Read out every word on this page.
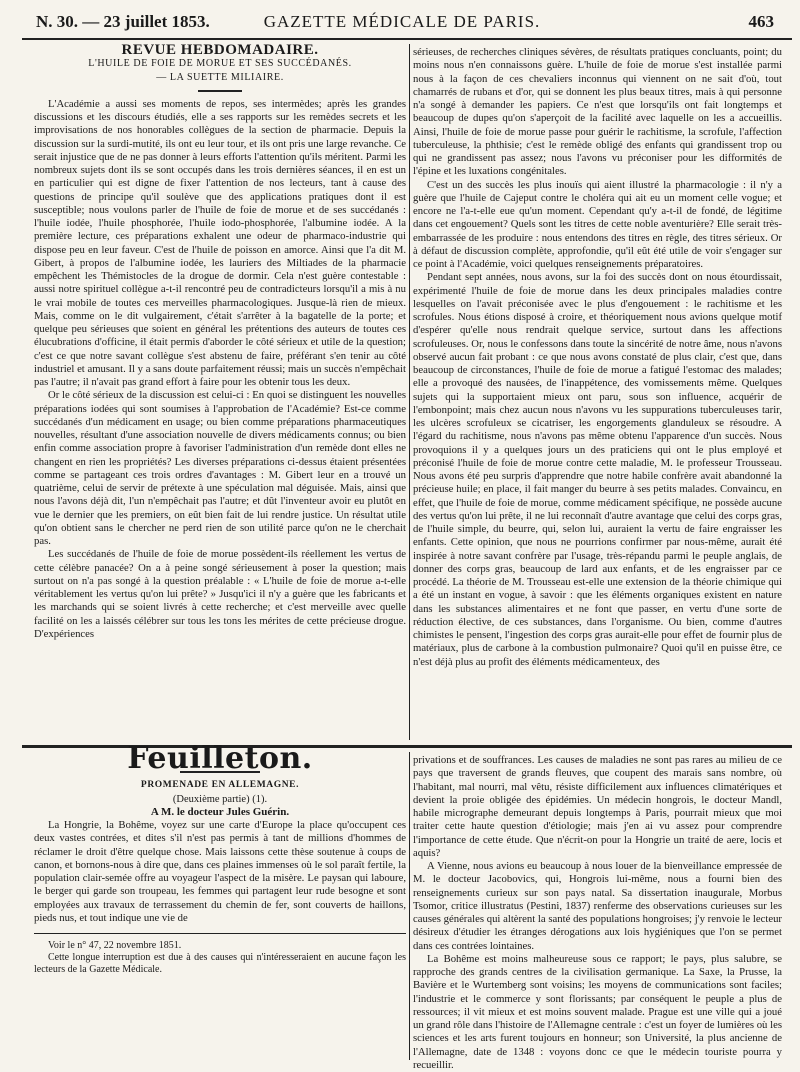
N. 30. — 23 juillet 1853.	GAZETTE MÉDICALE DE PARIS.	463

REVUE HEBDOMADAIRE.

L'HUILE DE FOIE DE MORUE ET SES SUCCÉDANÉS.

— LA SUETTE MILIAIRE.

L'Académie a aussi ses moments de repos, ses intermèdes; après les grandes discussions et les discours étudiés, elle a ses rapports sur les remèdes secrets et les improvisations de nos honorables collègues de la section de pharmacie. Depuis la discussion sur la surdi-mutité, ils ont eu leur tour, et ils ont pris une large revanche. Ce serait injustice que de ne pas donner à leurs efforts l'attention qu'ils méritent. Parmi les nombreux sujets dont ils se sont occupés dans les trois dernières séances, il en est un en particulier qui est digne de fixer l'attention de nos lecteurs, tant à cause des questions de principe qu'il soulève que des applications pratiques dont il est susceptible; nous voulons parler de l'huile de foie de morue et de ses succédanés : l'huile iodée, l'huile phosphorée, l'huile iodo-phosphorée, l'albumine iodée. A la première lecture, ces préparations exhalent une odeur de pharmaco-industrie qui dispose peu en leur faveur. C'est de l'huile de poisson en amorce. Ainsi que l'a dit M. Gibert, à propos de l'albumine iodée, les lauriers des Miltiades de la pharmacie empêchent les Thémistocles de la drogue de dormir. Cela n'est guère contestable : aussi notre spirituel collègue a-t-il rencontré peu de contradicteurs lorsqu'il a mis à nu le vrai mobile de toutes ces merveilles pharmacologiques. Jusque-là rien de mieux. Mais, comme on le dit vulgairement, c'était s'arrêter à la bagatelle de la porte; et quelque peu sérieuses que soient en général les prétentions des auteurs de toutes ces élucubrations d'officine, il était permis d'aborder le côté sérieux et utile de la question; c'est ce que notre savant collègue s'est abstenu de faire, préférant s'en tenir au côté industriel et amusant. Il y a sans doute parfaitement réussi; mais un succès n'empêchait pas l'autre; il n'avait pas grand effort à faire pour les obtenir tous les deux.

Or le côté sérieux de la discussion est celui-ci : En quoi se distinguent les nouvelles préparations iodées qui sont soumises à l'approbation de l'Académie? Est-ce comme succédanés d'un médicament en usage; ou bien comme préparations pharmaceutiques nouvelles, résultant d'une association nouvelle de divers médicaments connus; ou bien enfin comme association propre à favoriser l'administration d'un remède dont elles ne changent en rien les propriétés? Les diverses préparations ci-dessus étaient présentées comme se partageant ces trois ordres d'avantages : M. Gibert leur en a trouvé un quatrième, celui de servir de prétexte à une spéculation mal déguisée. Mais, ainsi que nous l'avons déjà dit, l'un n'empêchait pas l'autre; et dût l'inventeur avoir eu plutôt en vue le dernier que les premiers, on eût bien fait de lui rendre justice. Un résultat utile qu'on obtient sans le chercher ne perd rien de son utilité parce qu'on ne le cherchait pas.

Les succédanés de l'huile de foie de morue possèdent-ils réellement les vertus de cette célèbre panacée? On a à peine songé sérieusement à poser la question; mais surtout on n'a pas songé à la question préalable : « L'huile de foie de morue a-t-elle véritablement les vertus qu'on lui prête? » Jusqu'ici il n'y a guère que les fabricants et les marchands qui se soient livrés à cette recherche; et c'est merveille avec quelle facilité on les a laissés célébrer sur tous les tons les mérites de cette précieuse drogue. D'expériences

sérieuses, de recherches cliniques sévères, de résultats pratiques concluants, point; du moins nous n'en connaissons guère. L'huile de foie de morue s'est installée parmi nous à la façon de ces chevaliers inconnus qui viennent on ne sait d'où, tout chamarrés de rubans et d'or, qui se donnent les plus beaux titres, mais à qui personne n'a songé à demander les papiers. Ce n'est que lorsqu'ils ont fait longtemps et beaucoup de dupes qu'on s'aperçoit de la facilité avec laquelle on les a accueillis. Ainsi, l'huile de foie de morue passe pour guérir le rachitisme, la scrofule, l'affection tuberculeuse, la phthisie; c'est le remède obligé des enfants qui grandissent trop ou qui ne grandissent pas assez; nous l'avons vu préconiser pour les difformités de l'épine et les luxations congénitales.

C'est un des succès les plus inouïs qui aient illustré la pharmacologie : il n'y a guère que l'huile de Cajeput contre le choléra qui ait eu un moment celle vogue; et encore ne l'a-t-elle eue qu'un moment. Cependant qu'y a-t-il de fondé, de légitime dans cet engouement? Quels sont les titres de cette noble aventurière? Elle serait très-embarrassée de les produire : nous entendons des titres en règle, des titres sérieux. Or à défaut de discussion complète, approfondie, qu'il eût été utile de voir s'engager sur ce point à l'Académie, voici quelques renseignements préparatoires.

Pendant sept années, nous avons, sur la foi des succès dont on nous étourdissait, expérimenté l'huile de foie de morue dans les deux principales maladies contre lesquelles on l'avait préconisée avec le plus d'engouement : le rachitisme et les scrofules. Nous étions disposé à croire, et théoriquement nous avions quelque motif d'espérer qu'elle nous rendrait quelque service, surtout dans les affections scrofuleuses. Or, nous le confessons dans toute la sincérité de notre âme, nous n'avons observé aucun fait probant : ce que nous avons constaté de plus clair, c'est que, dans beaucoup de circonstances, l'huile de foie de morue a fatigué l'estomac des malades; elle a provoqué des nausées, de l'inappétence, des vomissements même. Quelques sujets qui la supportaient mieux ont paru, sous son influence, acquérir de l'embonpoint; mais chez aucun nous n'avons vu les suppurations tuberculeuses tarir, les ulcères scrofuleux se cicatriser, les engorgements glanduleux se résoudre. A l'égard du rachitisme, nous n'avons pas même obtenu l'apparence d'un succès. Nous provoquions il y a quelques jours un des praticiens qui ont le plus employé et préconisé l'huile de foie de morue contre cette maladie, M. le professeur Trousseau. Nous avons été peu surpris d'apprendre que notre habile confrère avait abandonné la précieuse huile; en place, il fait manger du beurre à ses petits malades. Convaincu, en effet, que l'huile de foie de morue, comme médicament spécifique, ne possède aucune des vertus qu'on lui prête, il ne lui reconnaît d'autre avantage que celui des corps gras, de l'huile simple, du beurre, qui, selon lui, auraient la vertu de faire engraisser les enfants. Cette opinion, que nous ne pourrions confirmer par nous-même, aurait été inspirée à notre savant confrère par l'usage, très-répandu parmi le peuple anglais, de donner des corps gras, beaucoup de lard aux enfants, et de les engraisser par ce procédé. La théorie de M. Trousseau est-elle une extension de la théorie chimique qui a été un instant en vogue, à savoir : que les éléments organiques existent en nature dans les substances alimentaires et ne font que passer, en vertu d'une sorte de réduction élective, de ces substances, dans l'organisme. Ou bien, comme d'autres chimistes le pensent, l'ingestion des corps gras aurait-elle pour effet de fournir plus de matériaux, plus de carbone à la combustion pulmonaire? Quoi qu'il en puisse être, ce n'est déjà plus au profit des éléments médicamenteux, des

Feuilleton.

PROMENADE EN ALLEMAGNE.

(Deuxième partie) (1).

A M. le docteur Jules Guérin.

La Hongrie, la Bohême, voyez sur une carte d'Europe la place qu'occupent ces deux vastes contrées, et dites s'il n'est pas permis à tant de millions d'hommes de réclamer le droit d'être quelque chose. Mais laissons cette thèse soutenue à coups de canon, et bornons-nous à dire que, dans ces plaines immenses où le sol paraît fertile, la population clair-semée offre au voyageur l'aspect de la misère. Le paysan qui laboure, le berger qui garde son troupeau, les femmes qui partagent leur rude besogne et sont employées aux travaux de terrassement du chemin de fer, sont couverts de haillons, pieds nus, et tout indique une vie de

Voir le n° 47, 22 novembre 1851.

Cette longue interruption est due à des causes qui n'intéresseraient en aucune façon les lecteurs de la Gazette Médicale.

privations et de souffrances. Les causes de maladies ne sont pas rares au milieu de ce pays que traversent de grands fleuves, que coupent des marais sans nombre, où l'habitant, mal nourri, mal vêtu, résiste difficilement aux influences climatériques et devient la proie obligée des épidémies. Un médecin hongrois, le docteur Mandl, habile micrographe demeurant depuis longtemps à Paris, pourrait mieux que moi traiter cette haute question d'étiologie; mais j'en ai vu assez pour comprendre l'importance de cette étude. Que n'écrit-on pour la Hongrie un traité de aere, locis et aquis?

A Vienne, nous avions eu beaucoup à nous louer de la bienveillance empressée de M. le docteur Jacobovics, qui, Hongrois lui-même, nous a fourni bien des renseignements curieux sur son pays natal. Sa dissertation inaugurale, Morbus Tsomor, critice illustratus (Pestini, 1837) renferme des observations curieuses sur les causes générales qui altèrent la santé des populations hongroises; j'y renvoie le lecteur désireux d'étudier les étranges dérogations aux lois hygiéniques que l'on se permet dans ces contrées lointaines.

La Bohême est moins malheureuse sous ce rapport; le pays, plus salubre, se rapproche des grands centres de la civilisation germanique. La Saxe, la Prusse, la Bavière et le Wurtemberg sont voisins; les moyens de communications sont faciles; l'industrie et le commerce y sont florissants; par conséquent le peuple a plus de ressources; il vit mieux et est moins souvent malade. Prague est une ville qui a joué un grand rôle dans l'histoire de l'Allemagne centrale : c'est un foyer de lumières où les sciences et les arts furent toujours en honneur; son Université, la plus ancienne de l'Allemagne, date de 1348 : voyons donc ce que le médecin touriste pourra y recueillir.
